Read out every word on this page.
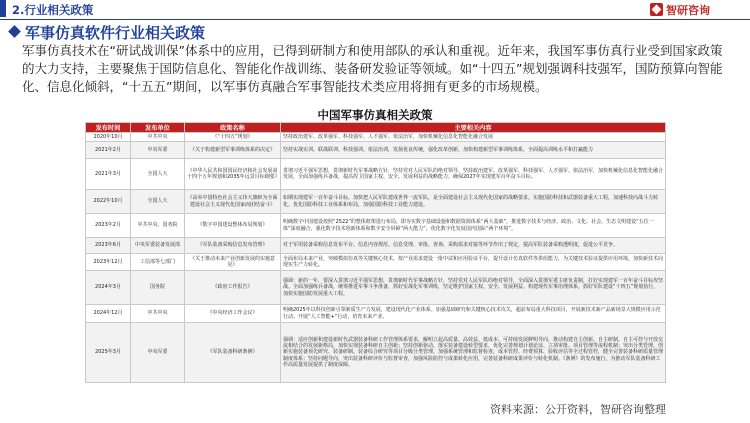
2.行业相关政策	智研咨询
军事仿真软件行业相关政策
军事仿真技术在“研试战训保”体系中的应用，已得到研制方和使用部队的承认和重视。近年来，我国军事仿真行业受到国家政策的大力支持，主要聚焦于国防信息化、智能化作战训练、装备研发验证等领域。如“十四五”规划强调科技强军，国防预算向智能化、信息化倾斜，“十五五”期间，以军事仿真融合军事智能技术类应用将拥有更多的市场规模。
中国军事仿真相关政策
发布时间	发布单位	政策名称	主要相关内容
2020年10月	中共中央	《“十四五”规划》	坚持政治建军、改革强军、科技强军、人才强军、依法治军，加快机械化信息化智能化融合发展
2021年2月	中央军委	《关于构建新型军事训练体系的决定》	坚持实战实训、联战联训、科技强训、依法治训，发扬优良传统，强化改革创新，加快构建新型军事训练体系，全面提高训练水平和打赢能力
2021年3月	全国人大	《中华人民共和国国民经济和社会发展第十四个五年规划和2035年远景目标纲要》	贯彻习近平强军思想，贯彻新时代军事战略方针，坚持党对人民军队的绝对领导，坚持政治建军、改革强军、科技强军、人才强军、依法治军，加快机械化信息化智能化融合发展，全面加强练兵备战，提高捍卫国家主权、安全、发展利益的战略能力，确保2027年实现建军百年奋斗目标。
2022年10月	全国人大	《高举中国特色社会主义伟大旗帜为全面建设社会主义现代化国家而团结奋斗》	如期实现建军一百年奋斗目标，加快把人民军队建成世界一流军队，是全面建设社会主义现代化国家的战略要求。实施国防科技和武器装备重大工程，加速科技向战斗力转化。优化国防科技工业体系和布局，加强国防科技工业能力建设。
2023年2月	中共中央、国务院	《数字中国建设整体布局规划》	明确数字中国建设按照“2522”的整体框架进行布局，即夯实数字基础设施和数据资源体系“两大基础”，推进数字技术与经济、政治、文化、社会、生态文明建设“五位一体”深度融合，强化数字技术创新体系和数字安全屏障“两大能力”，优化数字化发展国内国际“两个环境”。
2023年6月	中央军委装备发展部	《军队装备采购信息发布管理》	对于军用装备采购信息发布平台、信息内容规范、信息受理、审批、查询、采购需求对接等环节作出了规定，提高军队装备采购透明度，促进公平竞争。
2023年12月	工信部等七部门	《关于推动未来产业创新发展的实施意见》	全面布局未来产业，突破模拟仿真等关键核心技术，按产业需求建设一批中试和应用验证平台，提升设计仿真软件等供给能力，为关键技术验证提供应用环境，加快新技术向现实生产力转化。
2024年3月	国务院	《政府工作报告》	强调：新的一年，要深入贯彻习近平强军思想，贯彻新时代军事战略方针，坚持党对人民军队的绝对领导，全面深入贯彻军委主席负责制，打好实现建军一百年奋斗目标攻坚战。全面加强练兵备战，统筹推进军事斗争准备，抓好实战化军事训练，坚定维护国家主权、安全、发展利益。构建现代军事治理体系，抓好军队建设“十四五”规划执行，加快实施国防发展重大工程。
2024年12月	中共中央	《中央经济工作会议》	明确2025年以科技创新引领新质生产力发展，建设现代化产业体系。加强基础研究和关键核心技术攻关，超前布局重大科技项目，开展新技术新产品新场景大规模应用示范行动。开展“人工智能+”行动，培育未来产业。
2025年3月	中央军委	《军队装备科研条例》	强调：适应创新和建设新时代武器装备科研工作管理体系要求，解明立起高质量、高效益、低成本、可持续发展鲜明导向，推动构建自主创新、自主研制、自主可控与开放交流相结合的发展新格局，加快实现装备科研自主创新；坚持创新驱动，落实装备建设转型要求，优化完善规划计划论证、立项审批、项目管理等流程机制；突出分类管理，创新实施装备预先研究、装备研制、装备综合研究等项目分级分类管理，加强系统管理和监督检查，成本管控、经费预算、验收评估等全过程管控，健全完善装备科研质量管理制度体系；坚持问题导向，突出装备科研评价与监督审查，加强风险防控与成果转化应用，完善装备科研成果评价与转化机制。《条例》的发布施行，为推动军队装备科研工作高质量发展提供了制度保障。
资料来源：公开资料，智研咨询整理
